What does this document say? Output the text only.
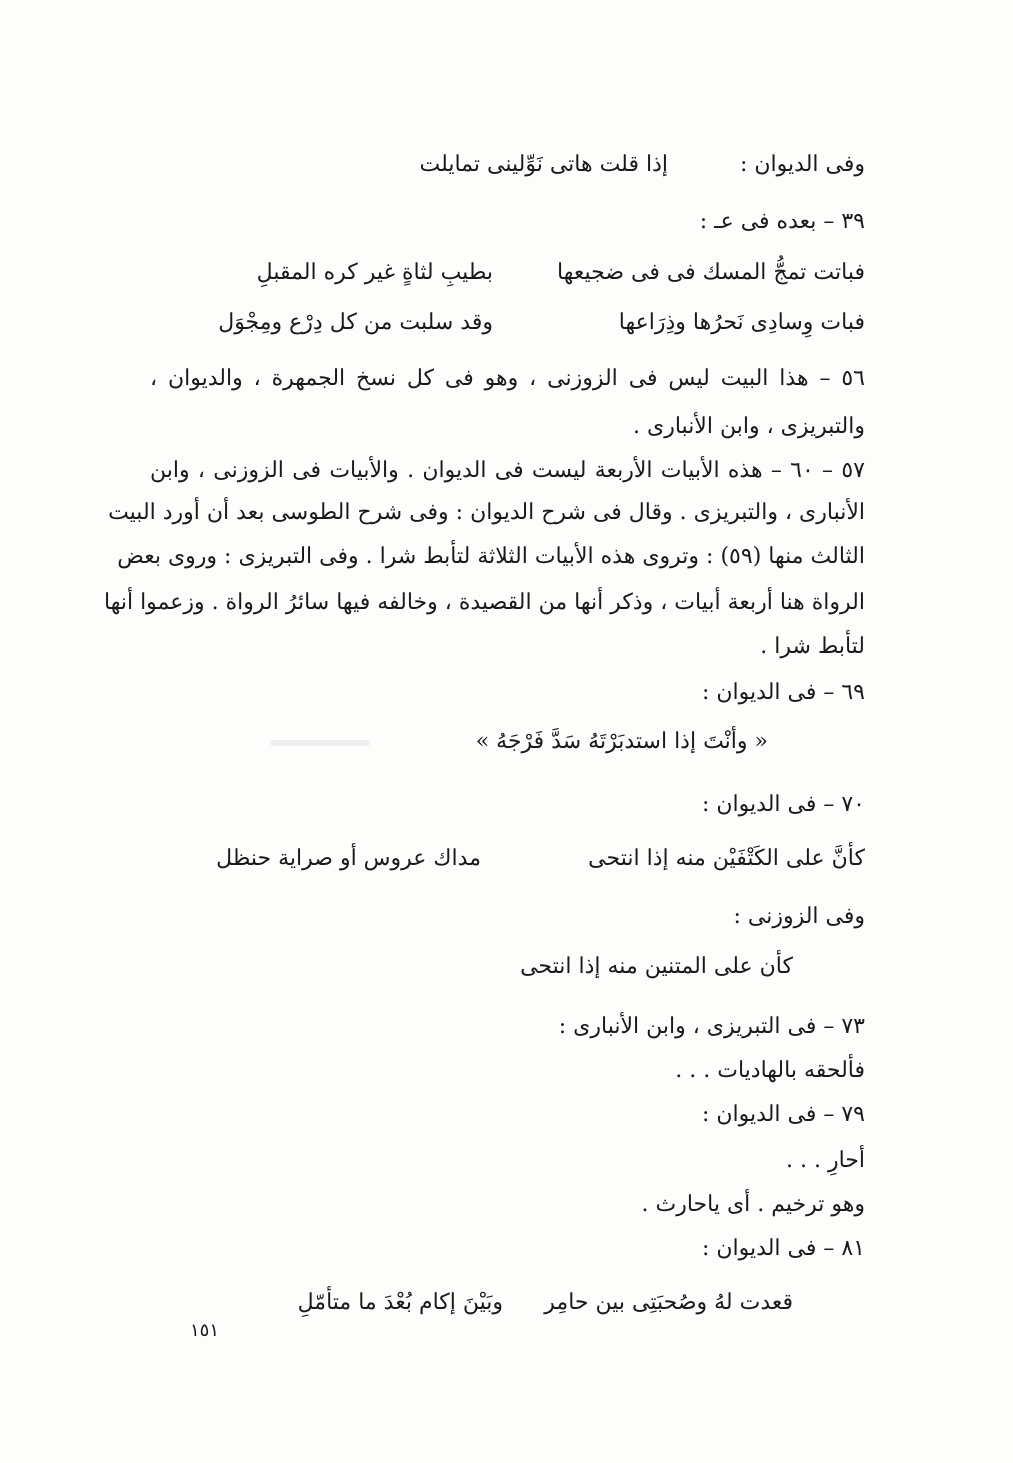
وفى الديوان :
إذا قلت هاتى نَوِّلينى تمايلت
٣٩ – بعده فى عـ :
فباتت تمجُّ المسك فى فى ضجيعها
بطيبِ لثاةٍ غير كره المقبلِ
فبات وِسادِى نَحرُها وذِرَاعها
وقد سلبت من كل دِرْع ومِجْوَل
٥٦ – هذا البيت ليس فى الزوزنى ، وهو فى كل نسخ الجمهرة ، والديوان ،
والتبريزى ، وابن الأنبارى .
٥٧ – ٦٠ – هذه الأبيات الأربعة ليست فى الديوان . والأبيات فى الزوزنى ، وابن
الأنبارى ، والتبريزى . وقال فى شرح الديوان : وفى شرح الطوسى بعد أن أورد البيت
الثالث منها (٥٩) : وتروى هذه الأبيات الثلاثة لتأبط شرا . وفى التبريزى : وروى بعض
الرواة هنا أربعة أبيات ، وذكر أنها من القصيدة ، وخالفه فيها سائرُ الرواة . وزعموا أنها
لتأبط شرا .
٦٩ – فى الديوان :
« وأنْتَ إذا استدبَرْتَهُ سَدَّ فَرْجَهُ »
٧٠ – فى الديوان :
كأنَّ على الكَتْفَيْن منه إذا انتحى
مداك عروس أو صراية حنظل
وفى الزوزنى :
كأن على المتنين منه إذا انتحى
٧٣ – فى التبريزى ، وابن الأنبارى :
فألحقه بالهاديات . . .
٧٩ – فى الديوان :
أحارِ . . .
وهو ترخيم . أى ياحارث .
٨١ – فى الديوان :
قعدت لهُ وصُحبَتِى بين حامِر
وبَيْنَ إكام بُعْدَ ما متأمّلِ
١٥١
